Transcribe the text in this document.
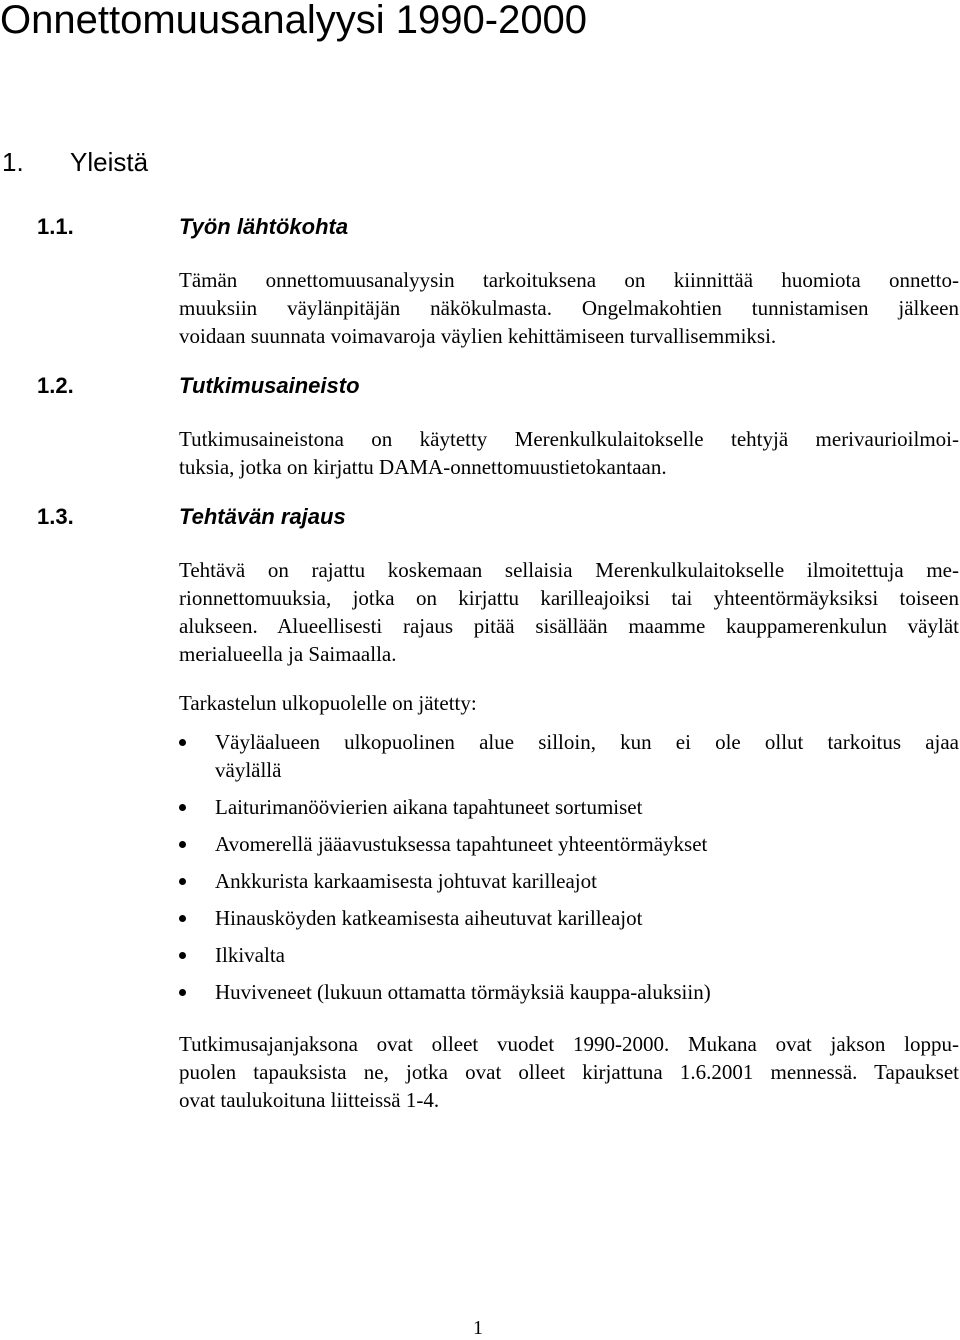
Onnettomuusanalyysi 1990-2000
1. Yleistä
1.1.	Työn lähtökohta
Tämän onnettomuusanalyysin tarkoituksena on kiinnittää huomiota onnetto-
muuksiin väylänpitäjän näkökulmasta. Ongelmakohtien tunnistamisen jälkeen
voidaan suunnata voimavaroja väylien kehittämiseen turvallisemmiksi.
1.2.	Tutkimusaineisto
Tutkimusaineistona on käytetty Merenkulkulaitokselle tehtyjä merivaurioilmoi-
tuksia, jotka on kirjattu DAMA-onnettomuustietokantaan.
1.3.	Tehtävän rajaus
Tehtävä on rajattu koskemaan sellaisia Merenkulkulaitokselle ilmoitettuja me-
rionnettomuuksia, jotka on kirjattu karilleajoiksi tai yhteentörmäyksiksi toiseen
alukseen. Alueellisesti rajaus pitää sisällään maamme kauppamerenkulun väylät
merialueella ja Saimaalla.
Tarkastelun ulkopuolelle on jätetty:
Väyläalueen ulkopuolinen alue silloin, kun ei ole ollut tarkoitus ajaa
väylällä
Laiturimanöövierien aikana tapahtuneet sortumiset
Avomerellä jääavustuksessa tapahtuneet yhteentörmäykset
Ankkurista karkaamisesta johtuvat karilleajot
Hinausköyden katkeamisesta aiheutuvat karilleajot
Ilkivalta
Huviveneet (lukuun ottamatta törmäyksiä kauppa-aluksiin)
Tutkimusajanjaksona ovat olleet vuodet 1990-2000. Mukana ovat jakson loppu-
puolen tapauksista ne, jotka ovat olleet kirjattuna 1.6.2001 mennessä. Tapaukset
ovat taulukoituna liitteissä 1-4.
1
